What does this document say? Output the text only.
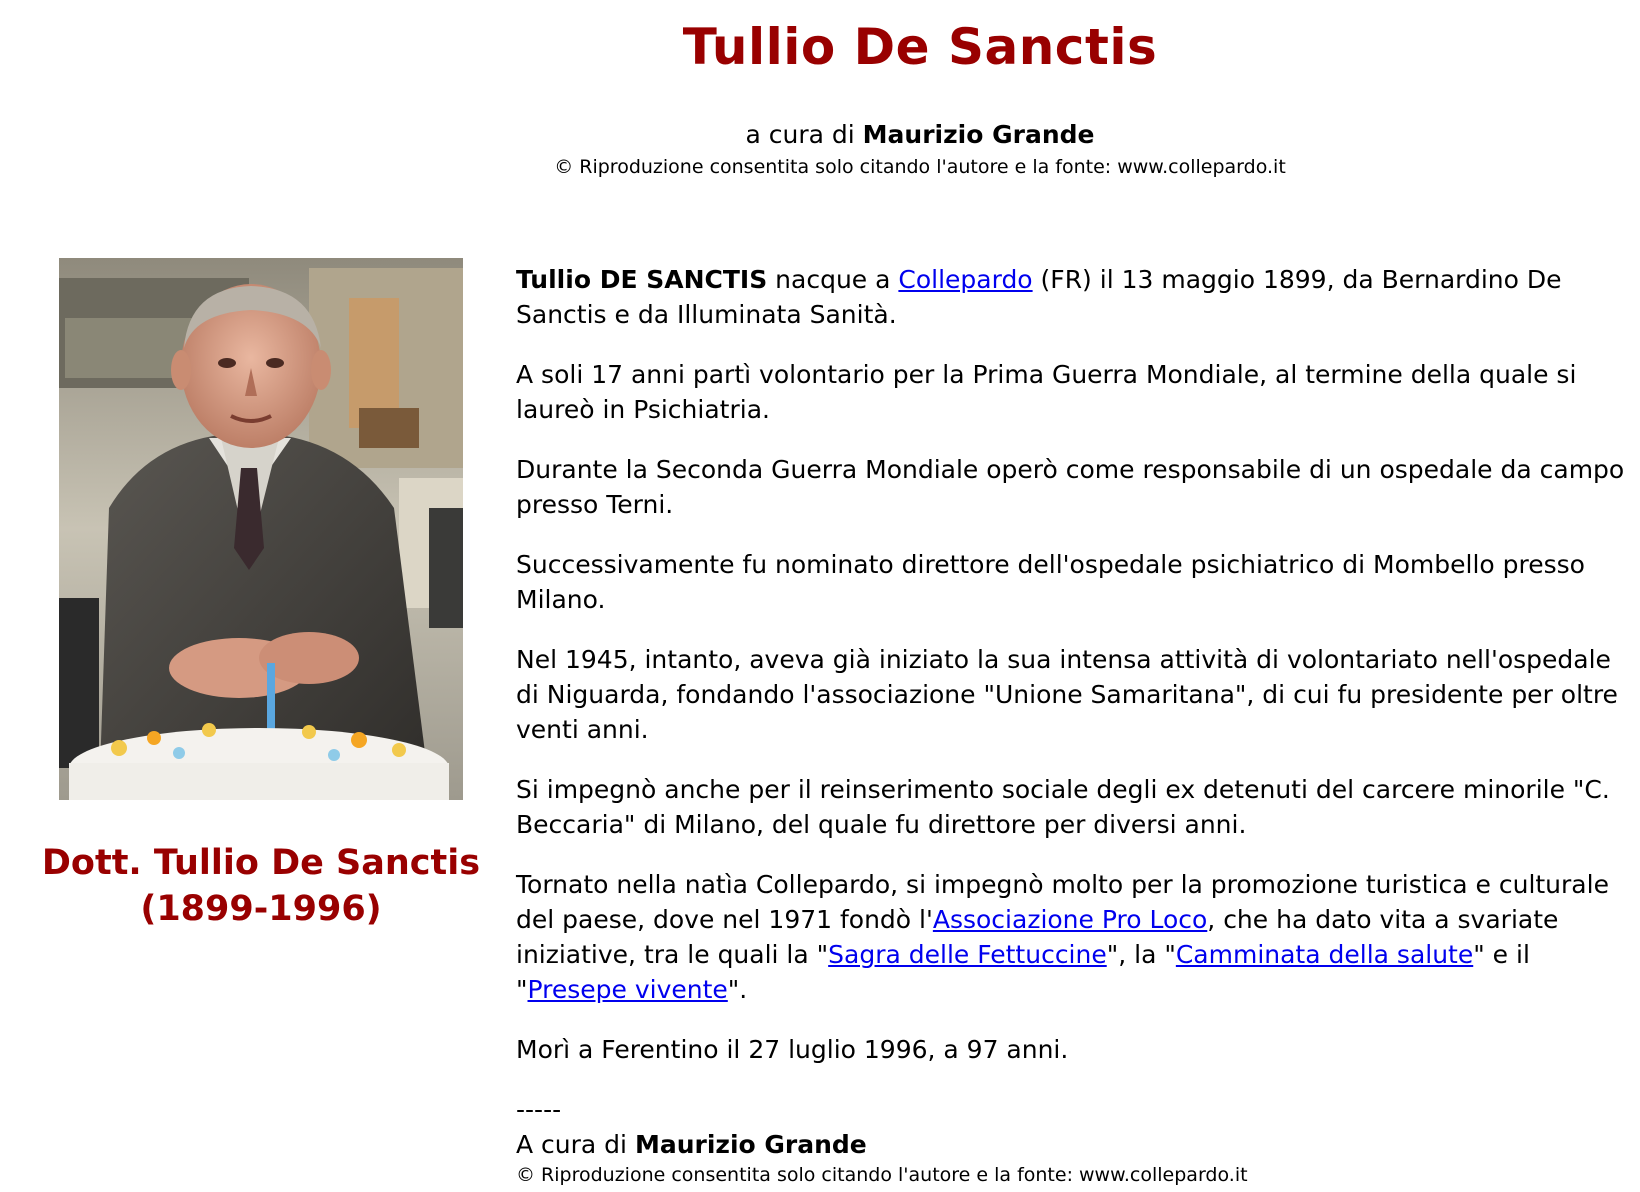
Tullio De Sanctis
a cura di Maurizio Grande
© Riproduzione consentita solo citando l'autore e la fonte: www.collepardo.it
Dott. Tullio De Sanctis
(1899-1996)

Tullio DE SANCTIS nacque a Collepardo (FR) il 13 maggio 1899, da Bernardino De Sanctis e da Illuminata Sanità.

A soli 17 anni partì volontario per la Prima Guerra Mondiale, al termine della quale si laureò in Psichiatria.

Durante la Seconda Guerra Mondiale operò come responsabile di un ospedale da campo presso Terni.

Successivamente fu nominato direttore dell'ospedale psichiatrico di Mombello presso Milano.

Nel 1945, intanto, aveva già iniziato la sua intensa attività di volontariato nell'ospedale di Niguarda, fondando l'associazione "Unione Samaritana", di cui fu presidente per oltre venti anni.

Si impegnò anche per il reinserimento sociale degli ex detenuti del carcere minorile "C. Beccaria" di Milano, del quale fu direttore per diversi anni.

Tornato nella natìa Collepardo, si impegnò molto per la promozione turistica e culturale del paese, dove nel 1971 fondò l'Associazione Pro Loco, che ha dato vita a svariate iniziative, tra le quali la "Sagra delle Fettuccine", la "Camminata della salute" e il "Presepe vivente".

Morì a Ferentino il 27 luglio 1996, a 97 anni.

-----
A cura di Maurizio Grande
© Riproduzione consentita solo citando l'autore e la fonte: www.collepardo.it
